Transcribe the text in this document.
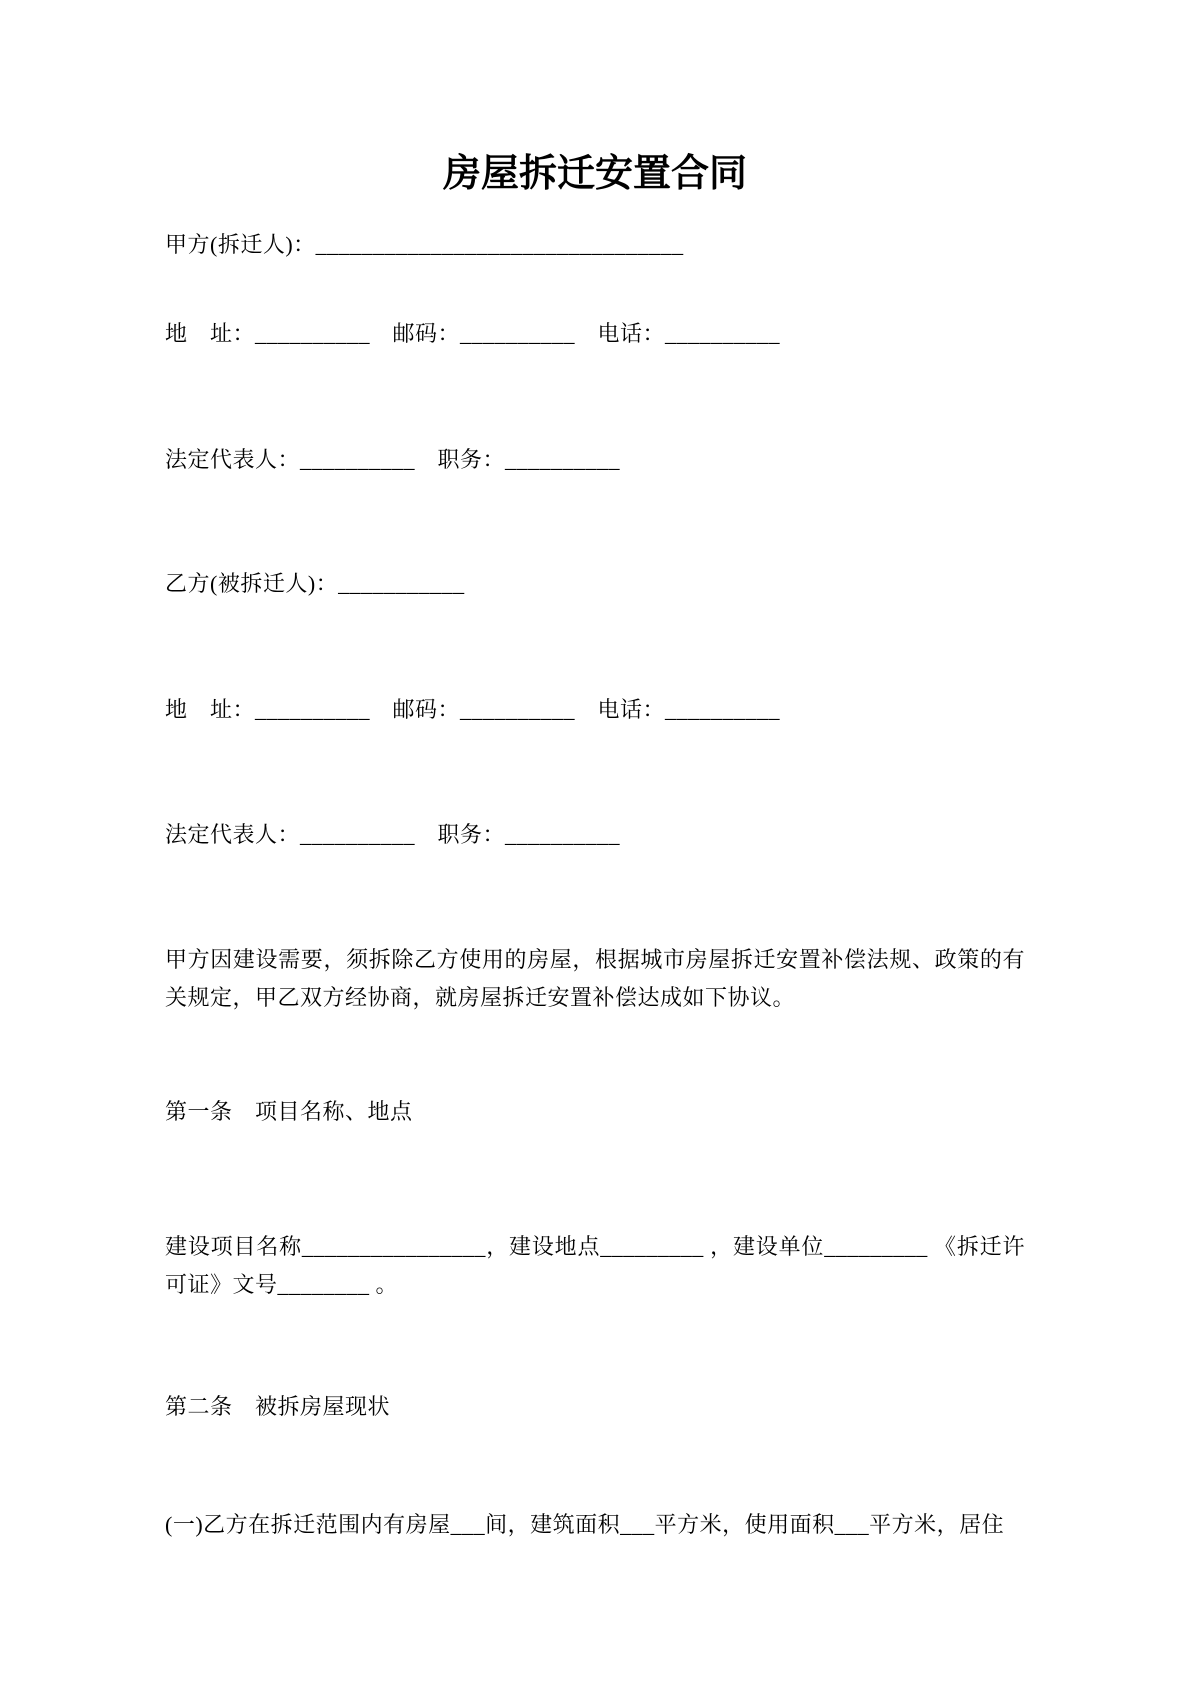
房屋拆迁安置合同

甲方(拆迁人)：________________________________

地　址：__________　邮码：__________　电话：__________

法定代表人：__________　职务：__________

乙方(被拆迁人)：___________

地　址：__________　邮码：__________　电话：__________

法定代表人：__________　职务：__________

甲方因建设需要，须拆除乙方使用的房屋，根据城市房屋拆迁安置补偿法规、政策的有关规定，甲乙双方经协商，就房屋拆迁安置补偿达成如下协议。

第一条　项目名称、地点

建设项目名称________________，建设地点_________ ，建设单位_________ 《拆迁许可证》文号________ 。

第二条　被拆房屋现状

(一)乙方在拆迁范围内有房屋___间，建筑面积___平方米，使用面积___平方米，居住
